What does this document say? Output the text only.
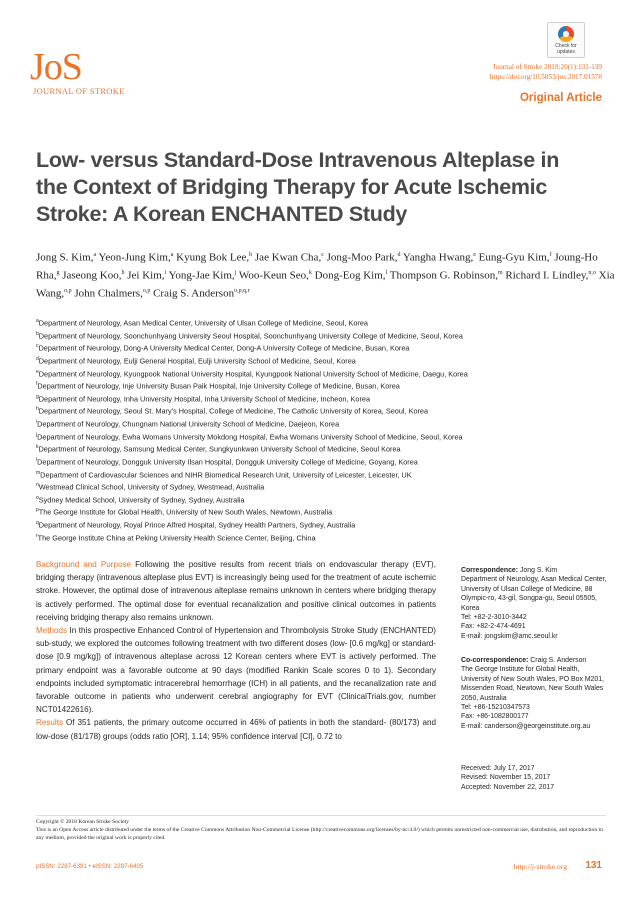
JoS
JOURNAL OF STROKE
Check for updates
Journal of Stroke 2018;20(1):131-139
https://doi.org/10.5853/jos.2017.01578
Original Article
Low- versus Standard-Dose Intravenous Alteplase in the Context of Bridging Therapy for Acute Ischemic Stroke: A Korean ENCHANTED Study
Jong S. Kim,$^a$ Yeon-Jung Kim,$^a$ Kyung Bok Lee,$^b$ Jae Kwan Cha,$^c$ Jong-Moo Park,$^d$ Yangha Hwang,$^e$ Eung-Gyu Kim,$^f$ Joung-Ho Rha,$^g$ Jaseong Koo,$^h$ Jei Kim,$^i$ Yong-Jae Kim,$^j$ Woo-Keun Seo,$^k$ Dong-Eog Kim,$^l$ Thompson G. Robinson,$^m$ Richard I. Lindley,$^{n,o}$ Xia Wang,$^{o,p}$ John Chalmers,$^{o,p}$ Craig S. Anderson$^{o,p,q,r}$
$^a$Department of Neurology, Asan Medical Center, University of Ulsan College of Medicine, Seoul, Korea
$^b$Department of Neurology, Soonchunhyang University Seoul Hospital, Soonchunhyang University College of Medicine, Seoul, Korea
$^c$Department of Neurology, Dong-A University Medical Center, Dong-A University College of Medicine, Busan, Korea
$^d$Department of Neurology, Eulji General Hospital, Eulji University School of Medicine, Seoul, Korea
$^e$Department of Neurology, Kyungpook National University Hospital, Kyungpook National University School of Medicine, Daegu, Korea
$^f$Department of Neurology, Inje University Busan Paik Hospital, Inje University College of Medicine, Busan, Korea
$^g$Department of Neurology, Inha University Hospital, Inha University School of Medicine, Incheon, Korea
$^h$Department of Neurology, Seoul St. Mary's Hospital, College of Medicine, The Catholic University of Korea, Seoul, Korea
$^i$Department of Neurology, Chungnam National University School of Medicine, Daejeon, Korea
$^j$Department of Neurology, Ewha Womans University Mokdong Hospital, Ewha Womans University School of Medicine, Seoul, Korea
$^k$Department of Neurology, Samsung Medical Center, Sungkyunkwan University School of Medicine, Seoul Korea
$^l$Department of Neurology, Dongguk University Ilsan Hospital, Dongguk University College of Medicine, Goyang, Korea
$^m$Department of Cardiovascular Sciences and NIHR Biomedical Research Unit, University of Leicester, Leicester, UK
$^n$Westmead Clinical School, University of Sydney, Westmead, Australia
$^o$Sydney Medical School, University of Sydney, Sydney, Australia
$^p$The George Institute for Global Health, University of New South Wales, Newtown, Australia
$^q$Department of Neurology, Royal Prince Alfred Hospital, Sydney Health Partners, Sydney, Australia
$^r$The George Institute China at Peking University Health Science Center, Beijing, China

Background and Purpose Following the positive results from recent trials on endovascular therapy (EVT), bridging therapy (intravenous alteplase plus EVT) is increasingly being used for the treatment of acute ischemic stroke. However, the optimal dose of intravenous alteplase remains unknown in centers where bridging therapy is actively performed. The optimal dose for eventual recanalization and positive clinical outcomes in patients receiving bridging therapy also remains unknown.

Methods In this prospective Enhanced Control of Hypertension and Thrombolysis Stroke Study (ENCHANTED) sub-study, we explored the outcomes following treatment with two different doses (low- [0.6 mg/kg] or standard-dose [0.9 mg/kg]) of intravenous alteplase across 12 Korean centers where EVT is actively performed. The primary endpoint was a favorable outcome at 90 days (modified Rankin Scale scores 0 to 1). Secondary endpoints included symptomatic intracerebral hemorrhage (ICH) in all patients, and the recanalization rate and favorable outcome in patients who underwent cerebral angiography for EVT (ClinicalTrials.gov, number NCT01422616).

Results Of 351 patients, the primary outcome occurred in 46% of patients in both the standard- (80/173) and low-dose (81/178) groups (odds ratio [OR], 1.14; 95% confidence interval [CI], 0.72 to

Correspondence: Jong S. Kim
Department of Neurology, Asan Medical Center, University of Ulsan College of Medicine, 88 Olympic-ro, 43-gil, Songpa-gu, Seoul 05505, Korea
Tel: +82-2-3010-3442
Fax: +82-2-474-4691
E-mail: jongskim@amc.seoul.kr
Co-correspondence: Craig S. Anderson
The George Institute for Global Health, University of New South Wales, PO Box M201, Missenden Road, Newtown, New South Wales 2050, Australia
Tel: +86-15210347573
Fax: +86-1082800177
E-mail: canderson@georgeinstitute.org.au
Received: July 17, 2017
Revised: November 15, 2017
Accepted: November 22, 2017
Copyright © 2018 Korean Stroke Society
This is an Open Access article distributed under the terms of the Creative Commons Attribution Non-Commercial License (http://creativecommons.org/licenses/by-nc/4.0/) which permits unrestricted non-commercial use, distribution, and reproduction in any medium, provided the original work is properly cited.
pISSN: 2287-6391 • eISSN: 2287-6405	http://j-stroke.org 131
